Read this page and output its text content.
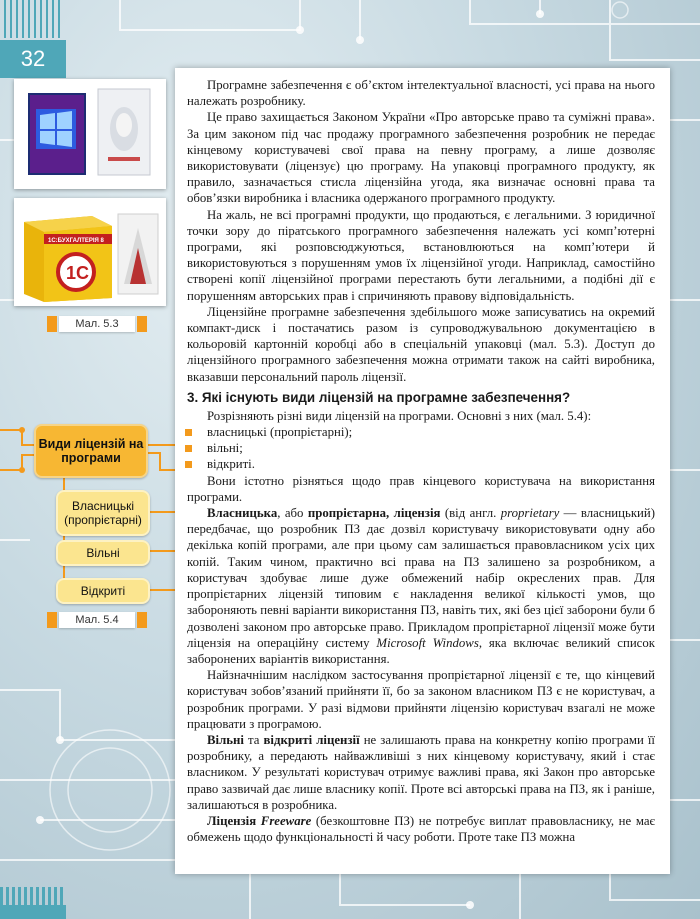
32
1С:БУХГАЛТЕРІЯ 8
1C
Мал. 5.3
Види ліцензій на програми
Власницькі (пропрієтарні)
Вільні
Відкриті
Мал. 5.4

Програмне забезпечення є об’єктом інтелектуальної власності, усі права на нього належать розробнику.

Це право захищається Законом України «Про авторське право та суміжні права». За цим законом під час продажу програмного забезпечення розробник не передає кінцевому користувачеві свої права на певну програму, а лише дозволяє використовувати (ліцензує) цю програму. На упаковці програмного продукту, як правило, зазначається стисла ліцензійна угода, яка визначає основні права та обов’язки виробника і власника одержаного програмного продукту.

На жаль, не всі програмні продукти, що продаються, є легальними. З юридичної точки зору до піратського програмного забезпечення належать усі комп’ютерні програми, які розповсюджуються, встановлюються на комп’ютери й використовуються з порушенням умов їх ліцензійної угоди. Наприклад, самостійно створені копії ліцензійної програми перестають бути легальними, а подібні дії є порушенням авторських прав і спричиняють правову відповідальність.

Ліцензійне програмне забезпечення здебільшого може записуватись на окремий компакт-диск і постачатись разом із супроводжувальною документацією в кольоровій картонній коробці або в спеціальній упаковці (мал. 5.3). Доступ до ліцензійного програмного забезпечення можна отримати також на сайті виробника, вказавши персональний пароль ліцензії.

3. Які існують види ліцензій на програмне забезпечення?

Розрізняють різні види ліцензій на програми. Основні з них (мал. 5.4):

власницькі (пропрієтарні);
вільні;
відкриті.

Вони істотно різняться щодо прав кінцевого користувача на використання програми.

Власницька, або пропрієтарна, ліцензія (від англ. proprietary — власницький) передбачає, що розробник ПЗ дає дозвіл користувачу використовувати одну або декілька копій програми, але при цьому сам залишається правовласником усіх цих копій. Таким чином, практично всі права на ПЗ залишено за розробником, а користувач здобуває лише дуже обмежений набір окреслених прав. Для пропрієтарних ліцензій типовим є накладення великої кількості умов, що забороняють певні варіанти використання ПЗ, навіть тих, які без цієї заборони були б дозволені законом про авторське право. Прикладом пропрієтарної ліцензії може бути ліцензія на операційну систему Microsoft Windows, яка включає великий список заборонених варіантів використання.

Найзначнішим наслідком застосування пропрієтарної ліцензії є те, що кінцевий користувач зобов’язаний прийняти її, бо за законом власником ПЗ є не користувач, а розробник програми. У разі відмови прийняти ліцензію користувач взагалі не може працювати з програмою.

Вільні та відкриті ліцензії не залишають права на конкретну копію програми її розробнику, а передають найважливіші з них кінцевому користувачу, який і стає власником. У результаті користувач отримує важливі права, які Закон про авторське право зазвичай дає лише власнику копії. Проте всі авторські права на ПЗ, як і раніше, залишаються в розробника.

Ліцензія Freeware (безкоштовне ПЗ) не потребує виплат правовласнику, не має обмежень щодо функціональності й часу роботи. Проте таке ПЗ можна
